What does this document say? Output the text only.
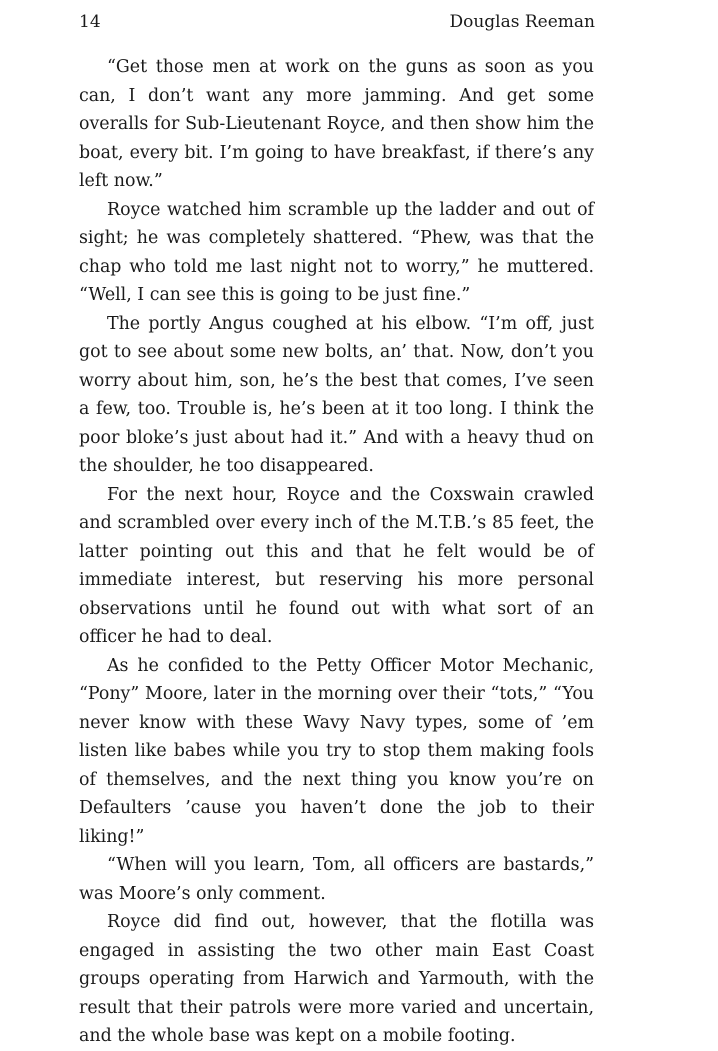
14	Douglas Reeman

“Get those men at work on the guns as soon as you can, I don’t want any more jamming. And get some overalls for Sub-Lieutenant Royce, and then show him the boat, every bit. I’m going to have breakfast, if there’s any left now.”

Royce watched him scramble up the ladder and out of sight; he was completely shattered. “Phew, was that the chap who told me last night not to worry,” he muttered. “Well, I can see this is going to be just fine.”

The portly Angus coughed at his elbow. “I’m off, just got to see about some new bolts, an’ that. Now, don’t you worry about him, son, he’s the best that comes, I’ve seen a few, too. Trouble is, he’s been at it too long. I think the poor bloke’s just about had it.” And with a heavy thud on the shoulder, he too disappeared.

For the next hour, Royce and the Coxswain crawled and scrambled over every inch of the M.T.B.’s 85 feet, the latter pointing out this and that he felt would be of immediate interest, but reserving his more personal observations until he found out with what sort of an officer he had to deal.

As he confided to the Petty Officer Motor Mechanic, “Pony” Moore, later in the morning over their “tots,” “You never know with these Wavy Navy types, some of ’em listen like babes while you try to stop them making fools of themselves, and the next thing you know you’re on Defaulters ’cause you haven’t done the job to their liking!”

“When will you learn, Tom, all officers are bastards,” was Moore’s only comment.

Royce did find out, however, that the flotilla was engaged in assisting the two other main East Coast groups operating from Harwich and Yarmouth, with the result that their patrols were more varied and uncertain, and the whole base was kept on a mobile footing.
